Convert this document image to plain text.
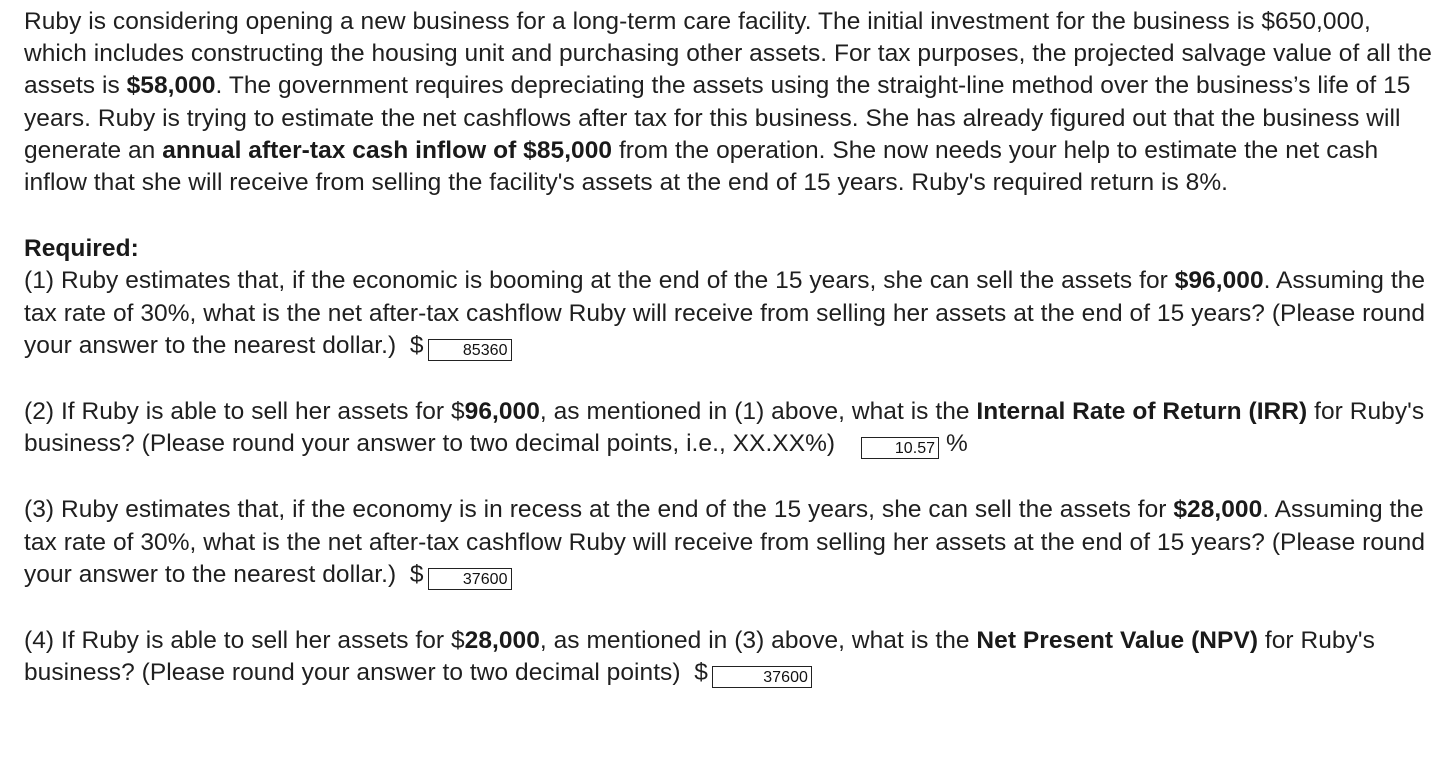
Ruby is considering opening a new business for a long-term care facility. The initial investment for the business is $650,000, which includes constructing the housing unit and purchasing other assets. For tax purposes, the projected salvage value of all the assets is $58,000. The government requires depreciating the assets using the straight-line method over the business’s life of 15 years. Ruby is trying to estimate the net cashflows after tax for this business. She has already figured out that the business will generate an annual after-tax cash inflow of $85,000 from the operation. She now needs your help to estimate the net cash inflow that she will receive from selling the facility's assets at the end of 15 years. Ruby's required return is 8%.

Required:

(1) Ruby estimates that, if the economic is booming at the end of the 15 years, she can sell the assets for $96,000. Assuming the tax rate of 30%, what is the net after-tax cashflow Ruby will receive from selling her assets at the end of 15 years? (Please round your answer to the nearest dollar.) $ 85360

(2) If Ruby is able to sell her assets for $96,000, as mentioned in (1) above, what is the Internal Rate of Return (IRR) for Ruby's business? (Please round your answer to two decimal points, i.e., XX.XX%)	10.57 %

(3) Ruby estimates that, if the economy is in recess at the end of the 15 years, she can sell the assets for $28,000. Assuming the tax rate of 30%, what is the net after-tax cashflow Ruby will receive from selling her assets at the end of 15 years? (Please round your answer to the nearest dollar.) $ 37600

(4) If Ruby is able to sell her assets for $28,000, as mentioned in (3) above, what is the Net Present Value (NPV) for Ruby's business? (Please round your answer to two decimal points) $	37600
